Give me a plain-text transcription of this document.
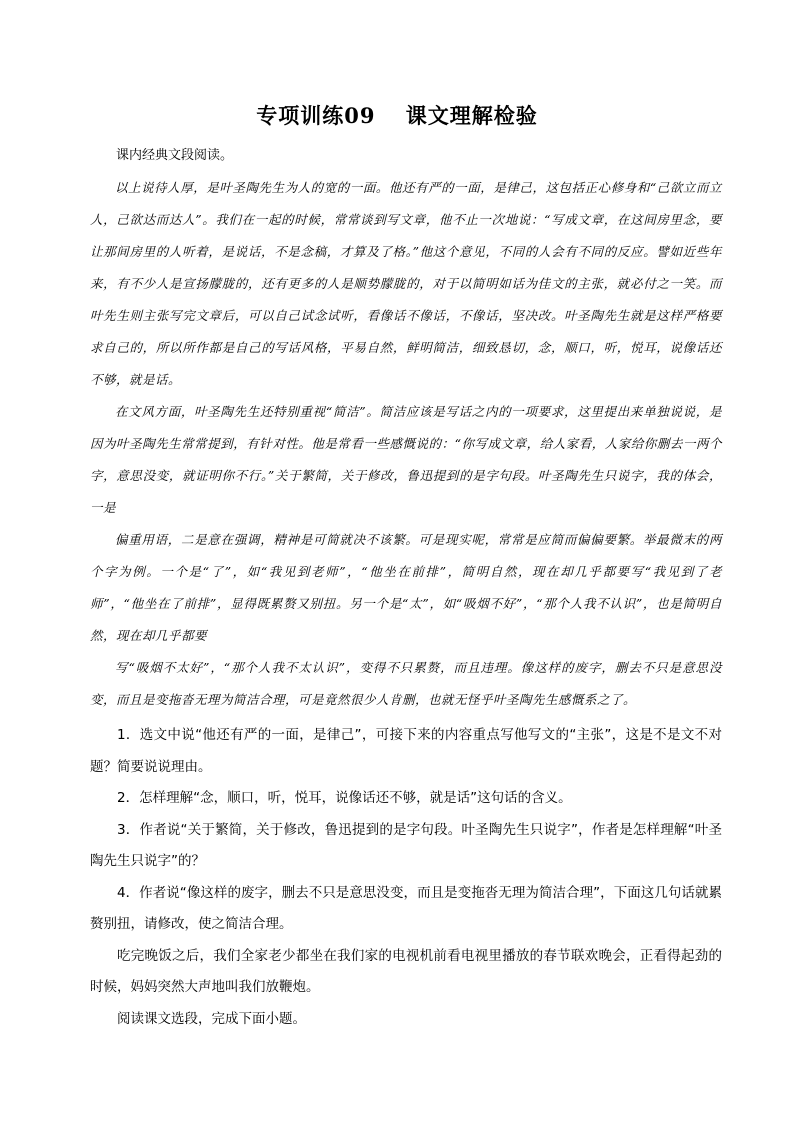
专项训练09　 课文理解检验

课内经典文段阅读。

以上说待人厚，是叶圣陶先生为人的宽的一面。他还有严的一面，是律己，这包括正心修身和“己欲立而立人，己欲达而达人”。我们在一起的时候，常常谈到写文章，他不止一次地说：“写成文章，在这间房里念，要让那间房里的人听着，是说话，不是念稿，才算及了格。”他这个意见，不同的人会有不同的反应。譬如近些年来，有不少人是宣扬朦胧的，还有更多的人是顺势朦胧的，对于以简明如话为佳文的主张，就必付之一笑。而叶先生则主张写完文章后，可以自己试念试听，看像话不像话，不像话，坚决改。叶圣陶先生就是这样严格要求自己的，所以所作都是自己的写话风格，平易自然，鲜明简洁，细致恳切，念，顺口，听，悦耳，说像话还不够，就是话。

在文风方面，叶圣陶先生还特别重视“简洁”。简洁应该是写话之内的一项要求，这里提出来单独说说，是因为叶圣陶先生常常提到，有针对性。他是常看一些感慨说的：“你写成文章，给人家看，人家给你删去一两个字，意思没变，就证明你不行。”关于繁简，关于修改，鲁迅提到的是字句段。叶圣陶先生只说字，我的体会，一是

偏重用语，二是意在强调，精神是可简就决不该繁。可是现实呢，常常是应简而偏偏要繁。举最微末的两个字为例。一个是“了”，如“我见到老师”，“他坐在前排”，简明自然，现在却几乎都要写“我见到了老师”，“他坐在了前排”，显得既累赘又别扭。另一个是“太”，如“吸烟不好”，“那个人我不认识”，也是简明自然，现在却几乎都要

写“吸烟不太好”，“那个人我不太认识”，变得不只累赘，而且违理。像这样的废字，删去不只是意思没变，而且是变拖沓无理为简洁合理，可是竟然很少人肯删，也就无怪乎叶圣陶先生感慨系之了。

1．选文中说“他还有严的一面，是律己”，可接下来的内容重点写他写文的“主张”，这是不是文不对题？简要说说理由。

2．怎样理解“念，顺口，听，悦耳，说像话还不够，就是话”这句话的含义。

3．作者说“关于繁简，关于修改，鲁迅提到的是字句段。叶圣陶先生只说字”，作者是怎样理解“叶圣陶先生只说字”的？

4．作者说“像这样的废字，删去不只是意思没变，而且是变拖沓无理为简洁合理”，下面这几句话就累赘别扭，请修改，使之简洁合理。

吃完晚饭之后，我们全家老少都坐在我们家的电视机前看电视里播放的春节联欢晚会，正看得起劲的时候，妈妈突然大声地叫我们放鞭炮。

阅读课文选段，完成下面小题。
